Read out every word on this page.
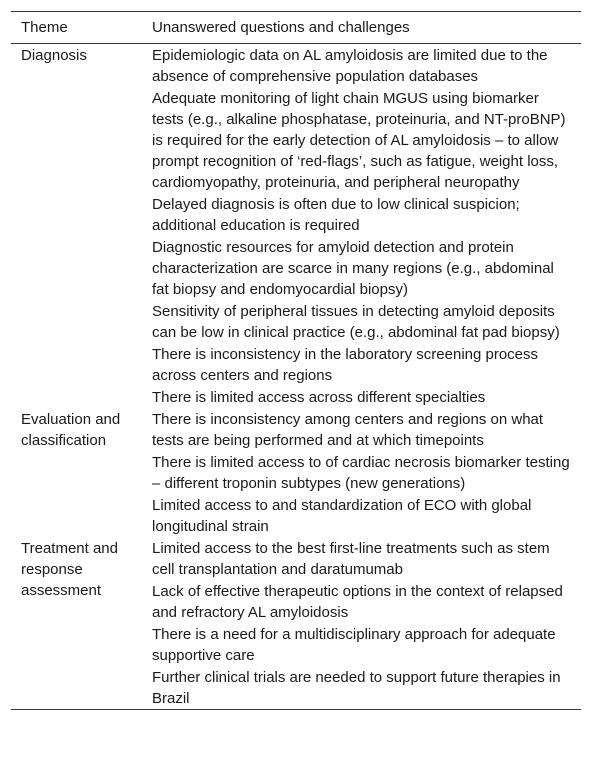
Theme	Unanswered questions and challenges
Diagnosis	Epidemiologic data on AL amyloidosis are limited due to the absence of comprehensive population databases
Adequate monitoring of light chain MGUS using biomarker tests (e.g., alkaline phosphatase, proteinuria, and NT-proBNP) is required for the early detection of AL amyloidosis – to allow prompt recognition of ‘red-flags’, such as fatigue, weight loss, cardiomyopathy, proteinuria, and peripheral neuropathy
Delayed diagnosis is often due to low clinical suspicion; additional education is required
Diagnostic resources for amyloid detection and protein characterization are scarce in many regions (e.g., abdominal fat biopsy and endomyocardial biopsy)
Sensitivity of peripheral tissues in detecting amyloid deposits can be low in clinical practice (e.g., abdominal fat pad biopsy)
There is inconsistency in the laboratory screening process across centers and regions
There is limited access across different specialties
Evaluation and classification
There is inconsistency among centers and regions on what tests are being performed and at which timepoints
There is limited access to of cardiac necrosis biomarker testing – different troponin subtypes (new generations)
Limited access to and standardization of ECO with global longitudinal strain
Treatment and response assessment
Limited access to the best first-line treatments such as stem cell transplantation and daratumumab
Lack of effective therapeutic options in the context of relapsed and refractory AL amyloidosis
There is a need for a multidisciplinary approach for adequate supportive care
Further clinical trials are needed to support future therapies in Brazil
